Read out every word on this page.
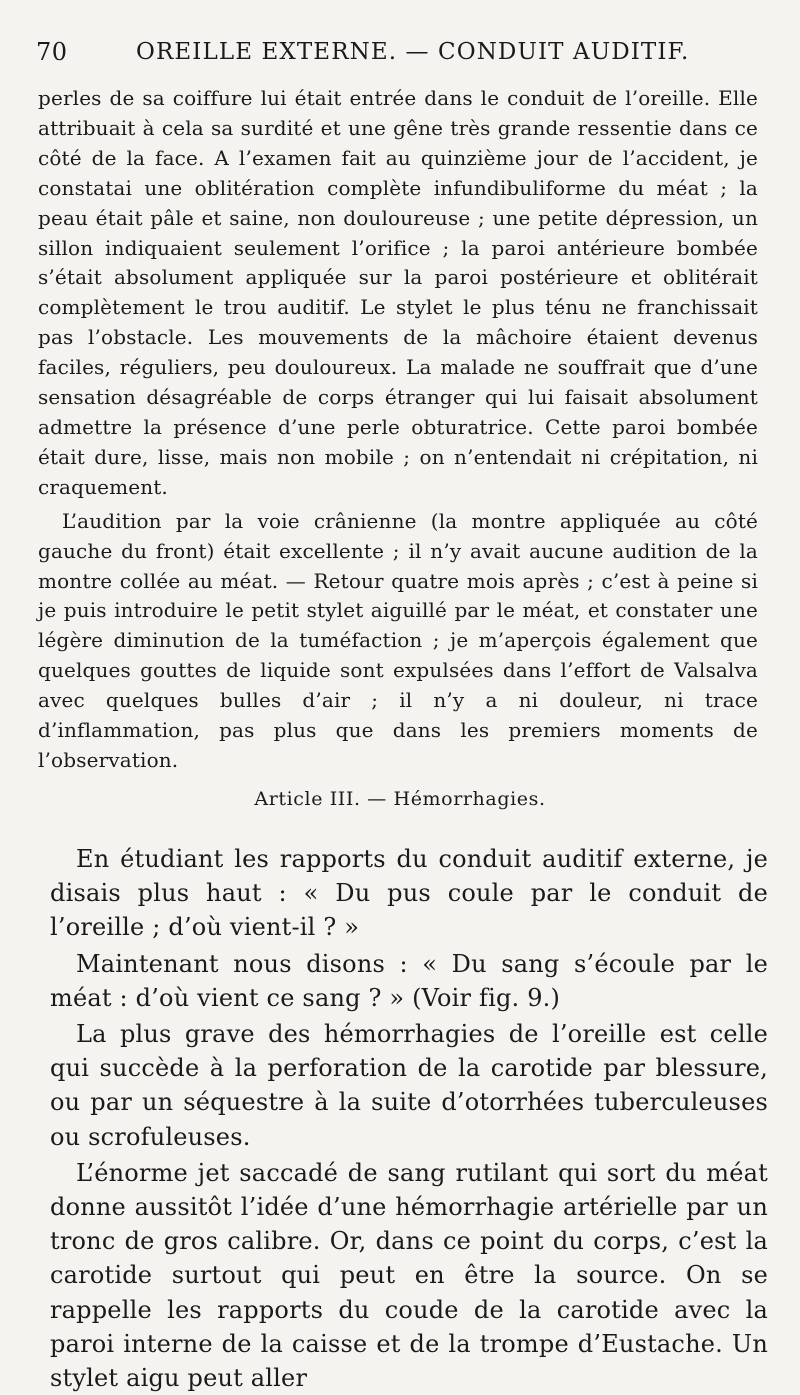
70	OREILLE EXTERNE. — CONDUIT AUDITIF.

perles de sa coiffure lui était entrée dans le conduit de l’oreille. Elle attribuait à cela sa surdité et une gêne très grande ressentie dans ce côté de la face. A l’examen fait au quinzième jour de l’accident, je constatai une oblitération complète infundibuliforme du méat ; la peau était pâle et saine, non douloureuse ; une petite dépression, un sillon indiquaient seulement l’orifice ; la paroi antérieure bombée s’était absolument appliquée sur la paroi postérieure et oblitérait complètement le trou auditif. Le stylet le plus ténu ne franchissait pas l’obstacle. Les mouvements de la mâchoire étaient devenus faciles, réguliers, peu douloureux. La malade ne souffrait que d’une sensation désagréable de corps étranger qui lui faisait absolument admettre la présence d’une perle obturatrice. Cette paroi bombée était dure, lisse, mais non mobile ; on n’entendait ni crépitation, ni craquement.

L’audition par la voie crânienne (la montre appliquée au côté gauche du front) était excellente ; il n’y avait aucune audition de la montre collée au méat. — Retour quatre mois après ; c’est à peine si je puis introduire le petit stylet aiguillé par le méat, et constater une légère diminution de la tuméfaction ; je m’aperçois également que quelques gouttes de liquide sont expulsées dans l’effort de Valsalva avec quelques bulles d’air ; il n’y a ni douleur, ni trace d’inflammation, pas plus que dans les premiers moments de l’observation.

Article III. — Hémorrhagies.

En étudiant les rapports du conduit auditif externe, je disais plus haut : « Du pus coule par le conduit de l’oreille ; d’où vient-il ? »

Maintenant nous disons : « Du sang s’écoule par le méat : d’où vient ce sang ? » (Voir fig. 9.)

La plus grave des hémorrhagies de l’oreille est celle qui succède à la perforation de la carotide par blessure, ou par un séquestre à la suite d’otorrhées tuberculeuses ou scrofuleuses.

L’énorme jet saccadé de sang rutilant qui sort du méat donne aussitôt l’idée d’une hémorrhagie artérielle par un tronc de gros calibre. Or, dans ce point du corps, c’est la carotide surtout qui peut en être la source. On se rappelle les rapports du coude de la carotide avec la paroi interne de la caisse et de la trompe d’Eustache. Un stylet aigu peut aller
